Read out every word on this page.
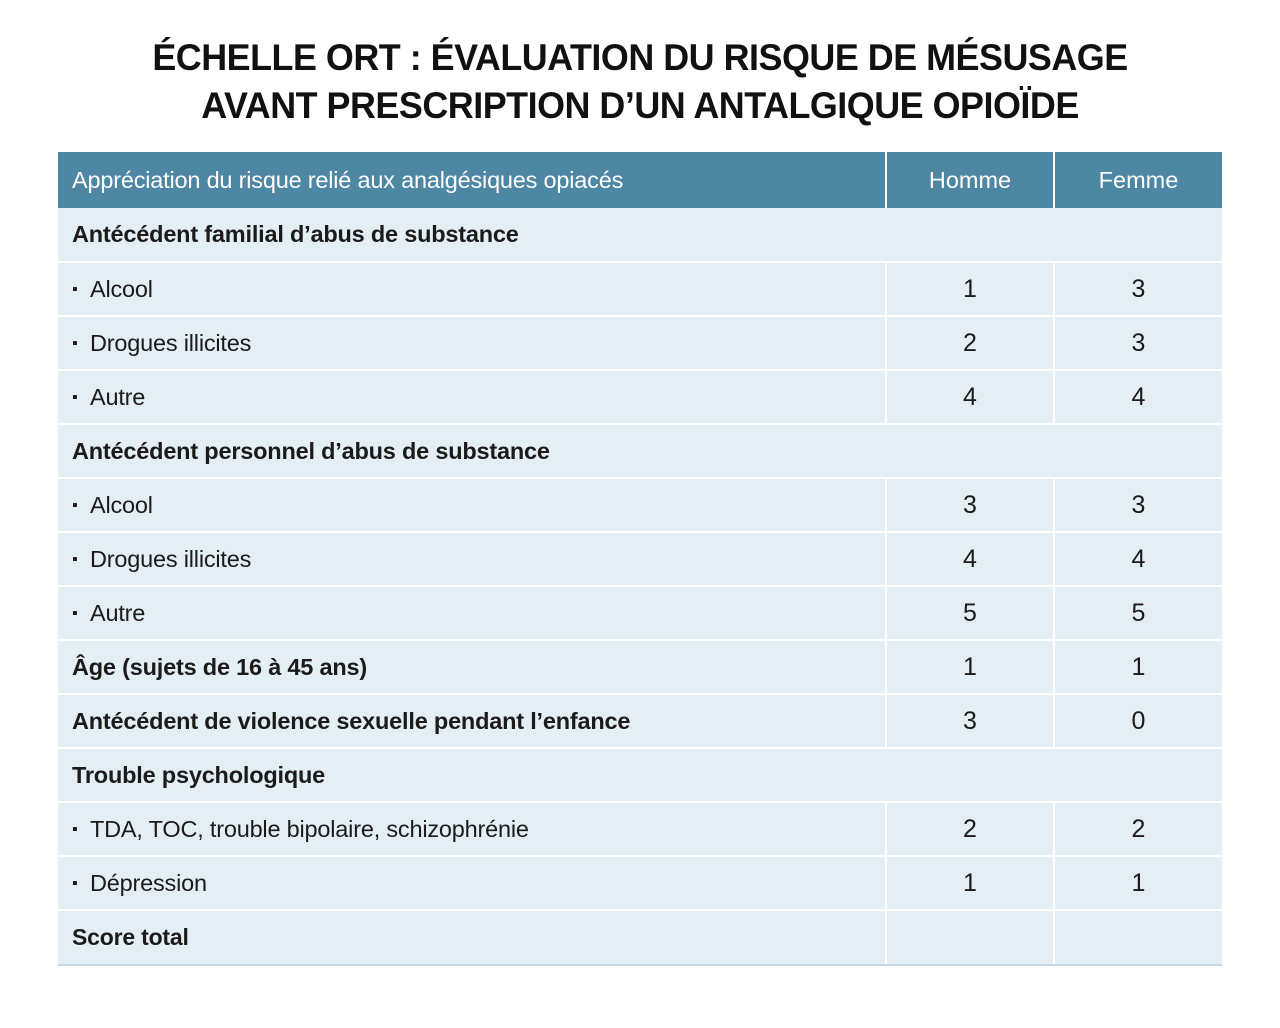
ÉCHELLE ORT : ÉVALUATION DU RISQUE DE MÉSUSAGE
AVANT PRESCRIPTION D’UN ANTALGIQUE OPIOÏDE
Appréciation du risque relié aux analgésiques opiacés	Homme	Femme
Antécédent familial d’abus de substance		
▪Alcool	1	3
▪Drogues illicites	2	3
▪Autre	4	4
Antécédent personnel d’abus de substance		
▪Alcool	3	3
▪Drogues illicites	4	4
▪Autre	5	5
Âge (sujets de 16 à 45 ans)	1	1
Antécédent de violence sexuelle pendant l’enfance	3	0
Trouble psychologique		
▪TDA, TOC, trouble bipolaire, schizophrénie	2	2
▪Dépression	1	1
Score total		
